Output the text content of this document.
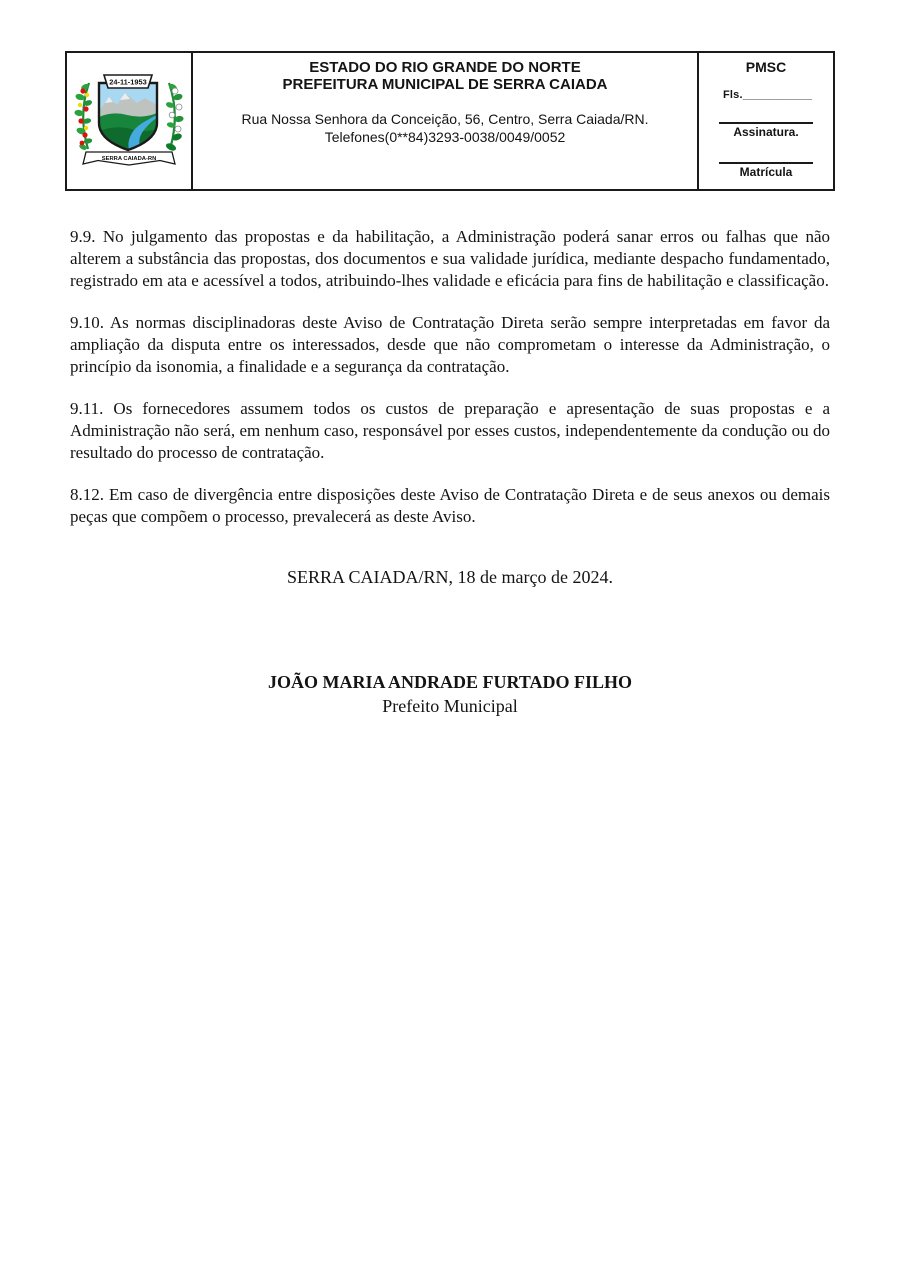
24-11-1953
SERRA CAIADA-RN
ESTADO DO RIO GRANDE DO NORTE
PREFEITURA MUNICIPAL DE SERRA CAIADA
Rua Nossa Senhora da Conceição, 56, Centro, Serra Caiada/RN.
Telefones(0**84)3293-0038/0049/0052
PMSC
Fls.___________
Assinatura.
Matrícula

9.9. No julgamento das propostas e da habilitação, a Administração poderá sanar erros ou falhas que não alterem a substância das propostas, dos documentos e sua validade jurídica, mediante despacho fundamentado, registrado em ata e acessível a todos, atribuindo-lhes validade e eficácia para fins de habilitação e classificação.

9.10. As normas disciplinadoras deste Aviso de Contratação Direta serão sempre interpretadas em favor da ampliação da disputa entre os interessados, desde que não comprometam o interesse da Administração, o princípio da isonomia, a finalidade e a segurança da contratação.

9.11. Os fornecedores assumem todos os custos de preparação e apresentação de suas propostas e a Administração não será, em nenhum caso, responsável por esses custos, independentemente da condução ou do resultado do processo de contratação.

8.12. Em caso de divergência entre disposições deste Aviso de Contratação Direta e de seus anexos ou demais peças que compõem o processo, prevalecerá as deste Aviso.

SERRA CAIADA/RN, 18 de março de 2024.
JOÃO MARIA ANDRADE FURTADO FILHO
Prefeito Municipal
